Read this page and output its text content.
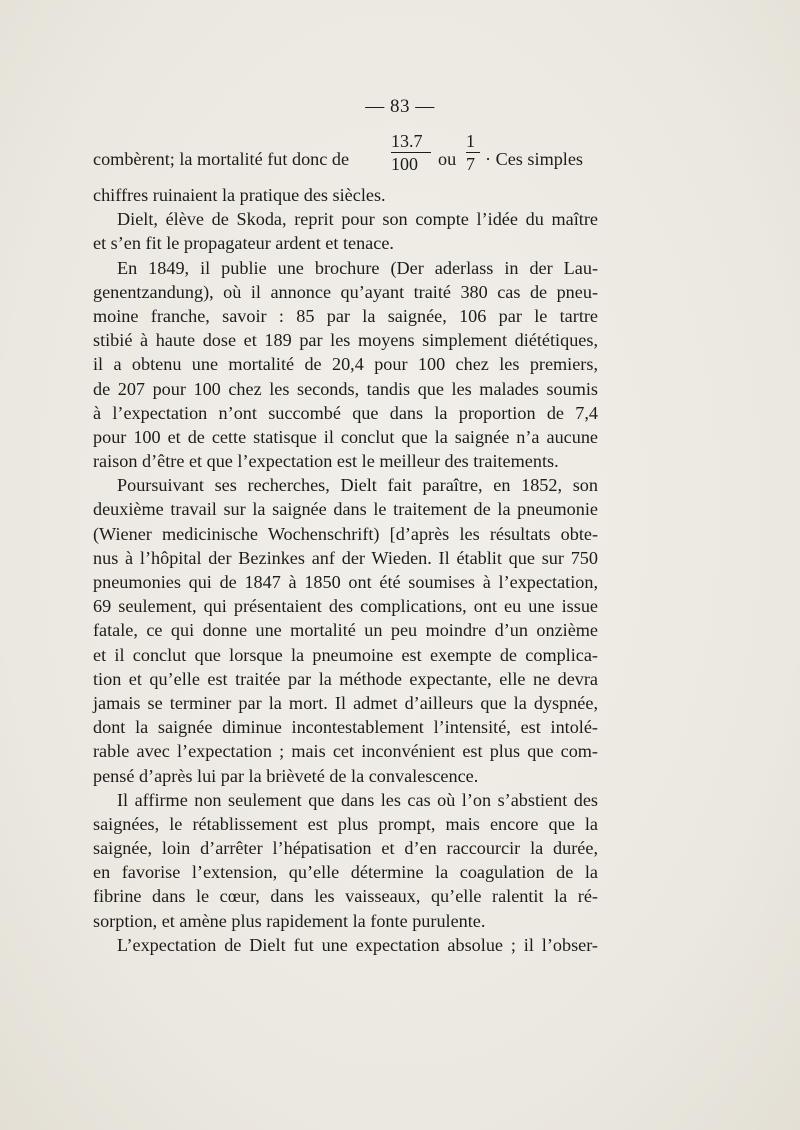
— 83 —
combèrent; la mortalité fut donc de
13.7
100	ou
1
7 · Ces simples
chiffres ruinaient la pratique des siècles.
Dielt, élève de Skoda, reprit pour son compte l’idée du maître
et s’en fit le propagateur ardent et tenace.
En 1849, il publie une brochure (Der aderlass in der Lau-
genentzandung), où il annonce qu’ayant traité 380 cas de pneu-
moine franche, savoir : 85 par la saignée, 106 par le tartre
stibié à haute dose et 189 par les moyens simplement diététiques,
il a obtenu une mortalité de 20,4 pour 100 chez les premiers,
de 207 pour 100 chez les seconds, tandis que les malades soumis
à l’expectation n’ont succombé que dans la proportion de 7,4
pour 100 et de cette statisque il conclut que la saignée n’a aucune
raison d’être et que l’expectation est le meilleur des traitements.
Poursuivant ses recherches, Dielt fait paraître, en 1852, son
deuxième travail sur la saignée dans le traitement de la pneumonie
(Wiener medicinische Wochenschrift) [d’après les résultats obte-
nus à l’hôpital der Bezinkes anf der Wieden. Il établit que sur 750
pneumonies qui de 1847 à 1850 ont été soumises à l’expectation,
69 seulement, qui présentaient des complications, ont eu une issue
fatale, ce qui donne une mortalité un peu moindre d’un onzième
et il conclut que lorsque la pneumoine est exempte de complica-
tion et qu’elle est traitée par la méthode expectante, elle ne devra
jamais se terminer par la mort. Il admet d’ailleurs que la dyspnée,
dont la saignée diminue incontestablement l’intensité, est intolé-
rable avec l’expectation ; mais cet inconvénient est plus que com-
pensé d’après lui par la brièveté de la convalescence.
Il affirme non seulement que dans les cas où l’on s’abstient des
saignées, le rétablissement est plus prompt, mais encore que la
saignée, loin d’arrêter l’hépatisation et d’en raccourcir la durée,
en favorise l’extension, qu’elle détermine la coagulation de la
fibrine dans le cœur, dans les vaisseaux, qu’elle ralentit la ré-
sorption, et amène plus rapidement la fonte purulente.
L’expectation de Dielt fut une expectation absolue ; il l’obser-
